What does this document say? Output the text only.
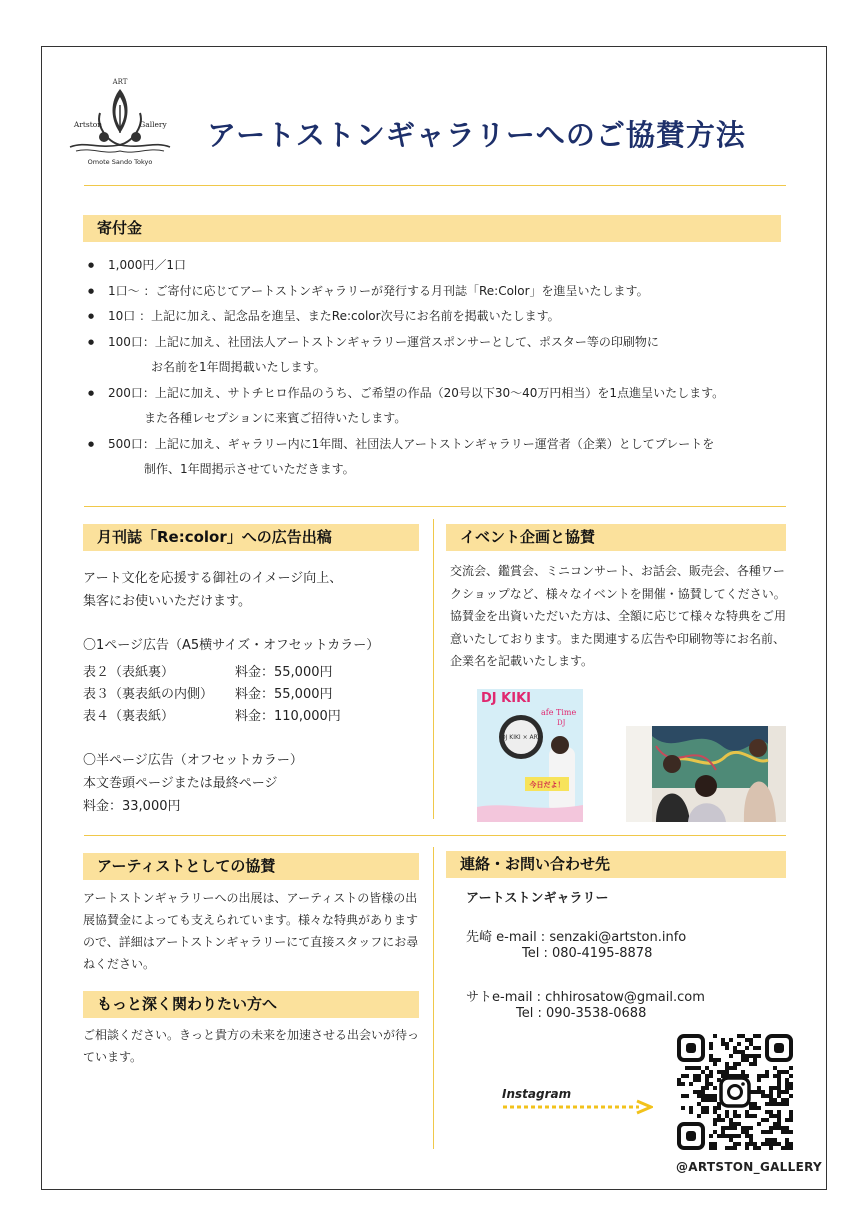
ART
Artston	Gallery
Omote Sando Tokyo
アートストンギャラリーへのご協賛方法
寄付金
● 1,000円／1口
● 1口〜 ：ご寄付に応じてアートストンギャラリーが発行する月刊誌「Re:Color」を進呈いたします。
● 10口 ：上記に加え、記念品を進呈、またRe:color次号にお名前を掲載いたします。
● 100口：上記に加え、社団法人アートストンギャラリー運営スポンサーとして、ポスター等の印刷物に
お名前を1年間掲載いたします。
● 200口：上記に加え、サトチヒロ作品のうち、ご希望の作品（20号以下30〜40万円相当）を1点進呈いたします。
また各種レセプションに来賓ご招待いたします。
● 500口：上記に加え、ギャラリー内に1年間、社団法人アートストンギャラリー運営者（企業）としてプレートを
制作、1年間掲示させていただきます。
月刊誌「Re:color」への広告出稿
アート文化を応援する御社のイメージ向上、
集客にお使いいただけます。
〇1ページ広告（A5横サイズ・オフセットカラー）
表２（表紙裏）	料金：55,000円
表３（裏表紙の内側） 料金：55,000円
表４（裏表紙）	料金：110,000円
〇半ページ広告（オフセットカラー）
本文巻頭ページまたは最終ページ
料金：33,000円
イベント企画と協賛
交流会、鑑賞会、ミニコンサート、お話会、販売会、各種ワークショップなど、様々なイベントを開催・協賛してください。協賛金を出資いただいた方は、全額に応じて様々な特典をご用意いたしております。また関連する広告や印刷物等にお名前、企業名を記載いたします。
DJ KIKI
afe Time
DJ
DJ KIKI × ART
今日だよ！
アーティストとしての協賛
アートストンギャラリーへの出展は、アーティストの皆様の出展協賛金によっても支えられています。様々な特典がありますので、詳細はアートストンギャラリーにて直接スタッフにお尋ねください。
もっと深く関わりたい方へ
ご相談ください。きっと貴方の未来を加速させる出会いが待っています。
連絡・お問い合わせ先
アートストンギャラリー
先崎 e-mail : senzaki@artston.info
Tel : 080-4195-8878
サトe-mail : chhirosatow@gmail.com
Tel : 090-3538-0688
Instagram
@ARTSTON_GALLERY
